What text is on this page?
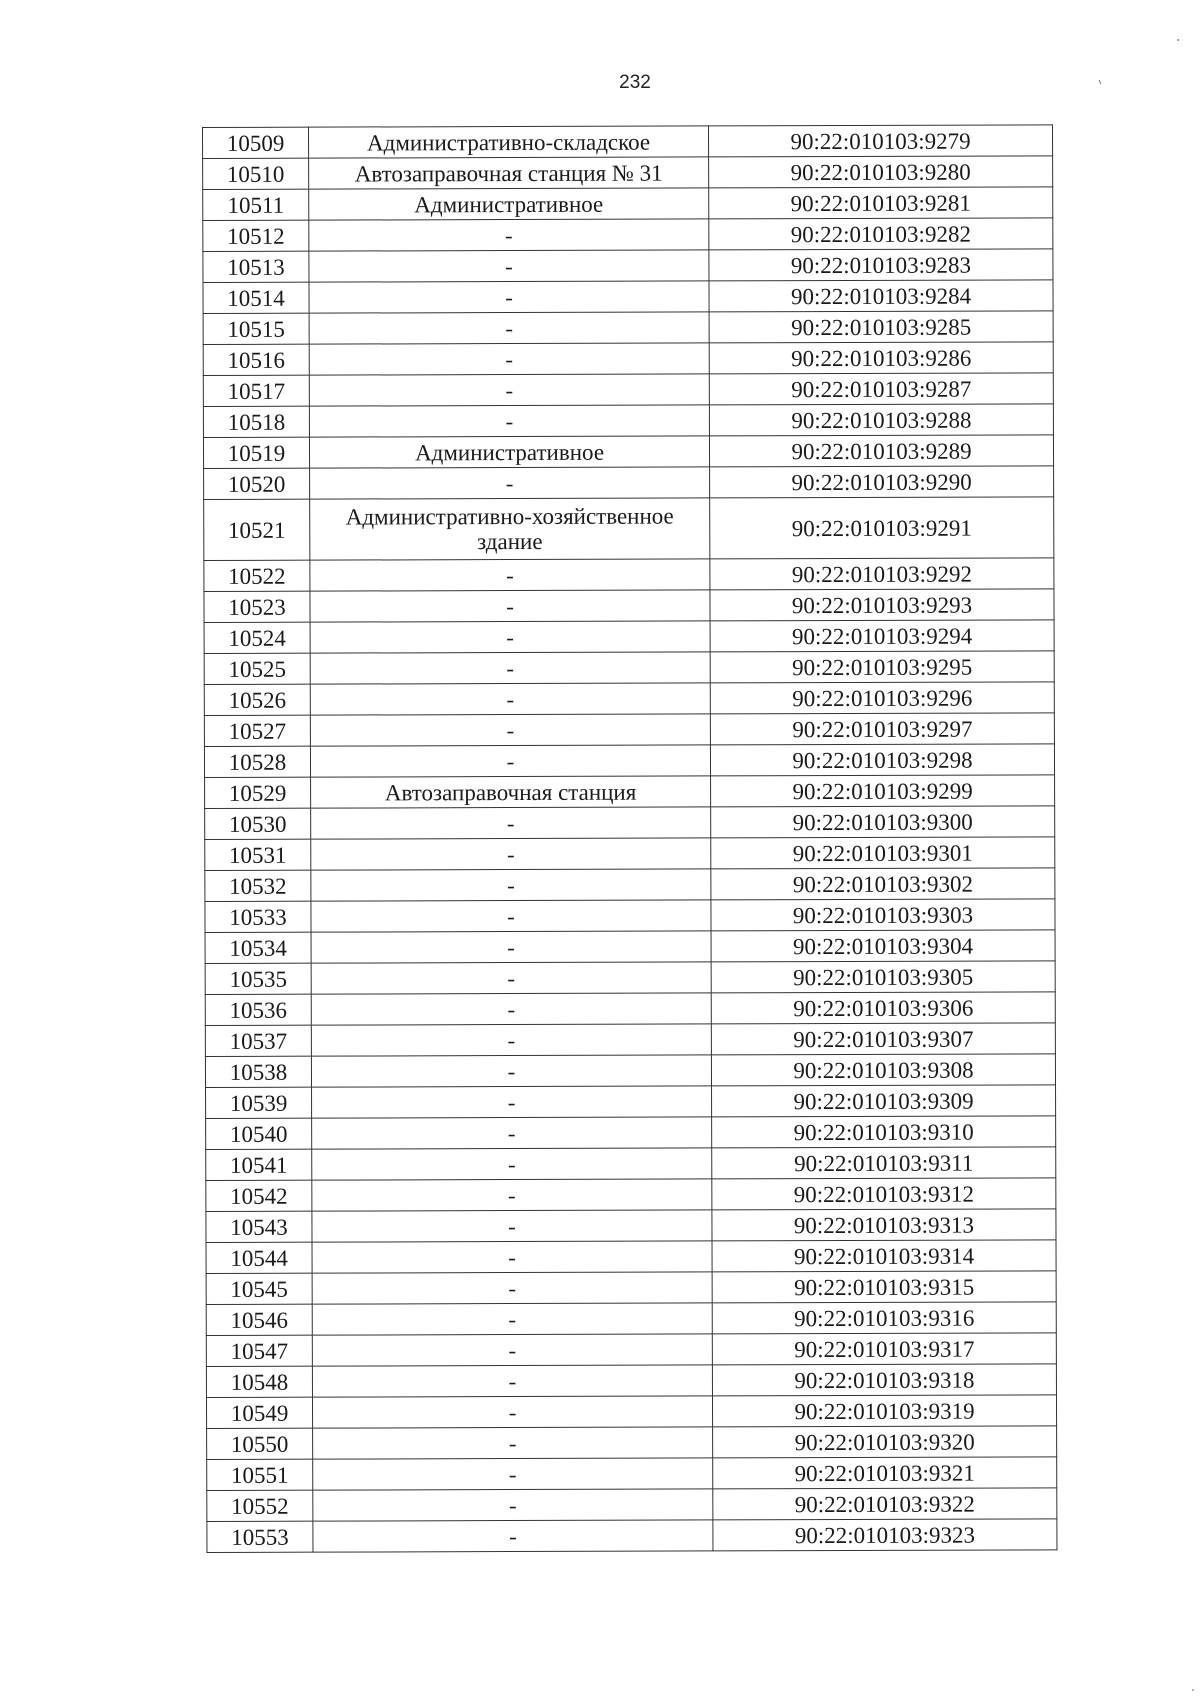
232
10509	Административно-складское	90:22:010103:9279
10510	Автозаправочная станция № 31	90:22:010103:9280
10511	Административное	90:22:010103:9281
10512	-	90:22:010103:9282
10513	-	90:22:010103:9283
10514	-	90:22:010103:9284
10515	-	90:22:010103:9285
10516	-	90:22:010103:9286
10517	-	90:22:010103:9287
10518	-	90:22:010103:9288
10519	Административное	90:22:010103:9289
10520	-	90:22:010103:9290
10521	Административно-хозяйственное здание	90:22:010103:9291
10522	-	90:22:010103:9292
10523	-	90:22:010103:9293
10524	-	90:22:010103:9294
10525	-	90:22:010103:9295
10526	-	90:22:010103:9296
10527	-	90:22:010103:9297
10528	-	90:22:010103:9298
10529	Автозаправочная станция	90:22:010103:9299
10530	-	90:22:010103:9300
10531	-	90:22:010103:9301
10532	-	90:22:010103:9302
10533	-	90:22:010103:9303
10534	-	90:22:010103:9304
10535	-	90:22:010103:9305
10536	-	90:22:010103:9306
10537	-	90:22:010103:9307
10538	-	90:22:010103:9308
10539	-	90:22:010103:9309
10540	-	90:22:010103:9310
10541	-	90:22:010103:9311
10542	-	90:22:010103:9312
10543	-	90:22:010103:9313
10544	-	90:22:010103:9314
10545	-	90:22:010103:9315
10546	-	90:22:010103:9316
10547	-	90:22:010103:9317
10548	-	90:22:010103:9318
10549	-	90:22:010103:9319
10550	-	90:22:010103:9320
10551	-	90:22:010103:9321
10552	-	90:22:010103:9322
10553	-	90:22:010103:9323
